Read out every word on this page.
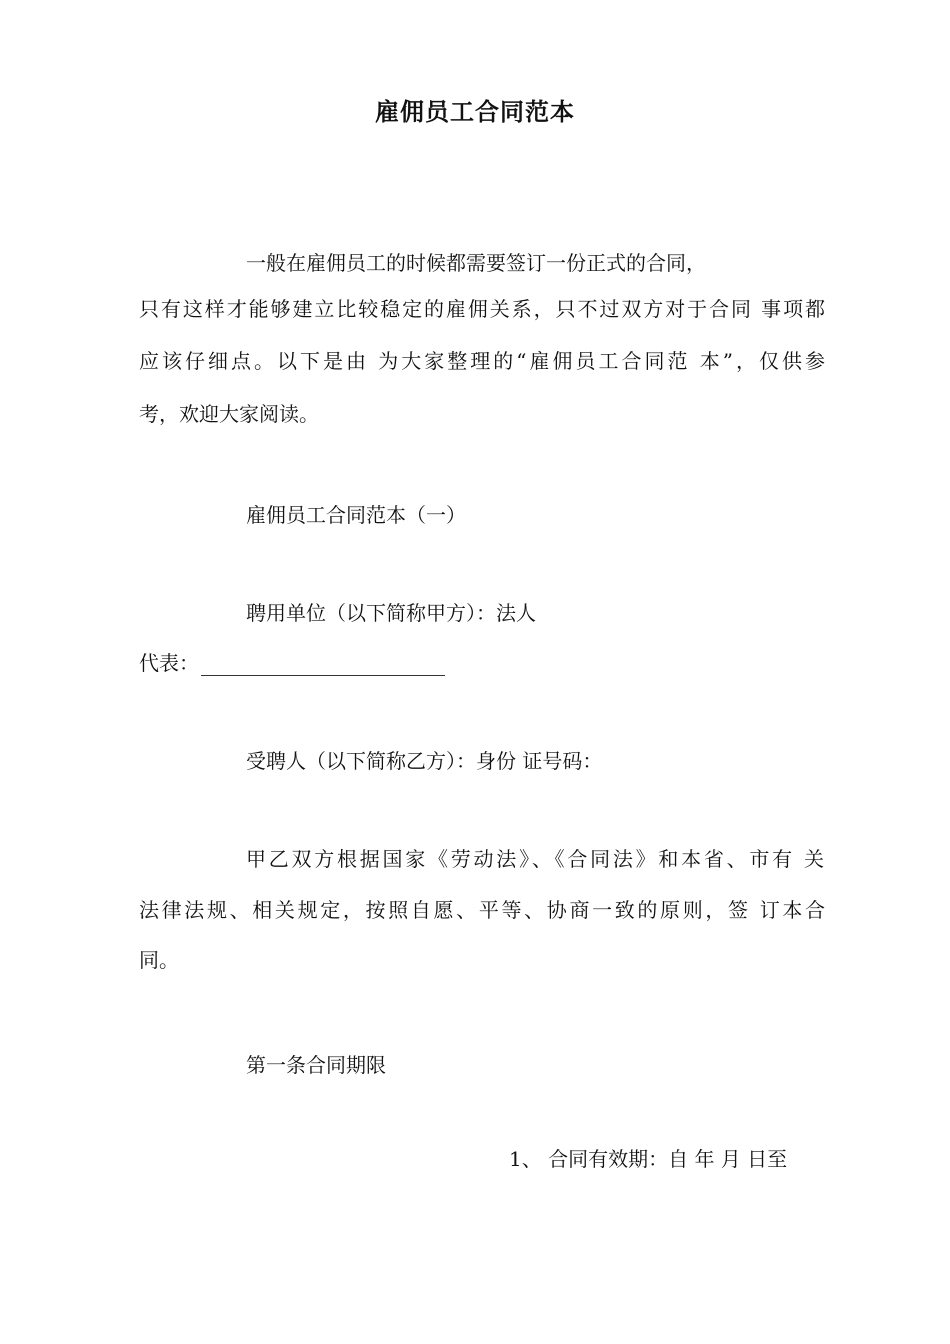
雇佣员工合同范本
一般在雇佣员工的时候都需要签订一份正式的合同，
只有这样才能够建立比较稳定的雇佣关系，只不过双方对于合同 事项都
应该仔细点。以下是由 为大家整理的“雇佣员工合同范 本”，仅供参
考，欢迎大家阅读。
雇佣员工合同范本（一）
聘用单位（以下简称甲方）：法人
代表：
受聘人（以下简称乙方）：身份 证号码：
甲乙双方根据国家《劳动法》、《合同法》和本省、市有 关
法律法规、相关规定，按照自愿、平等、协商一致的原则，签 订本合
同。
第一条合同期限
1、 合同有效期：自 年 月 日至
